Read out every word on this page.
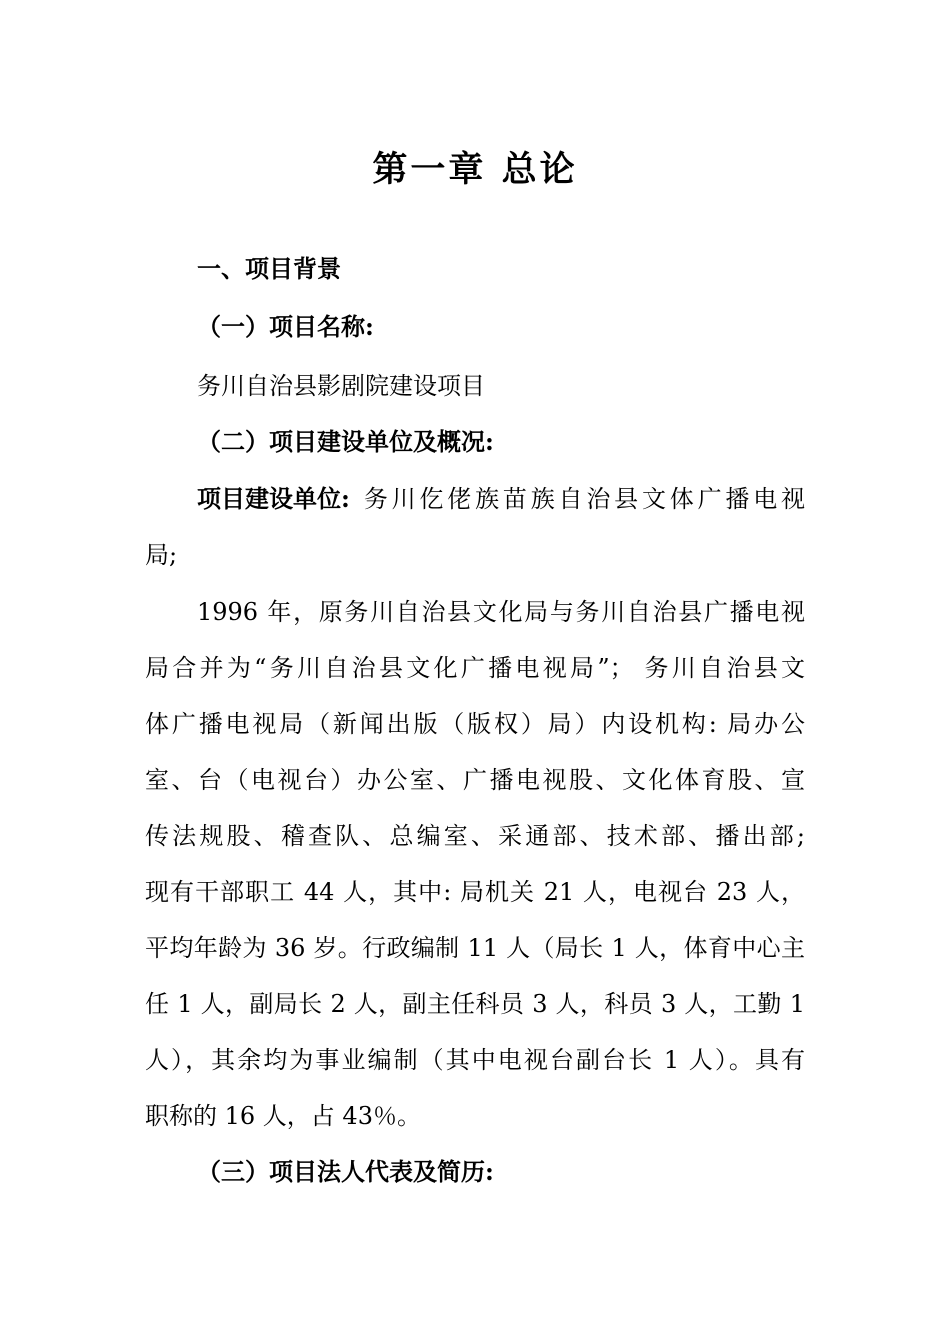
第一章 总论

一、项目背景

（一）项目名称:

务川自治县影剧院建设项目

（二）项目建设单位及概况:

项目建设单位: 务川仡佬族苗族自治县文体广播电视

局;

1996 年，原务川自治县文化局与务川自治县广播电视

局合并为“务川自治县文化广播电视局”； 务川自治县文

体广播电视局（新闻出版（版权）局）内设机构: 局办公

室、台（电视台）办公室、广播电视股、文化体育股、宣

传法规股、稽查队、总编室、采通部、技术部、播出部;

现有干部职工 44 人，其中: 局机关 21 人，电视台 23 人，

平均年龄为 36 岁。行政编制 11 人（局长 1 人，体育中心主

任 1 人，副局长 2 人，副主任科员 3 人，科员 3 人，工勤 1

人），其余均为事业编制（其中电视台副台长 1 人）。具有

职称的 16 人，占 43％。

（三）项目法人代表及简历:
